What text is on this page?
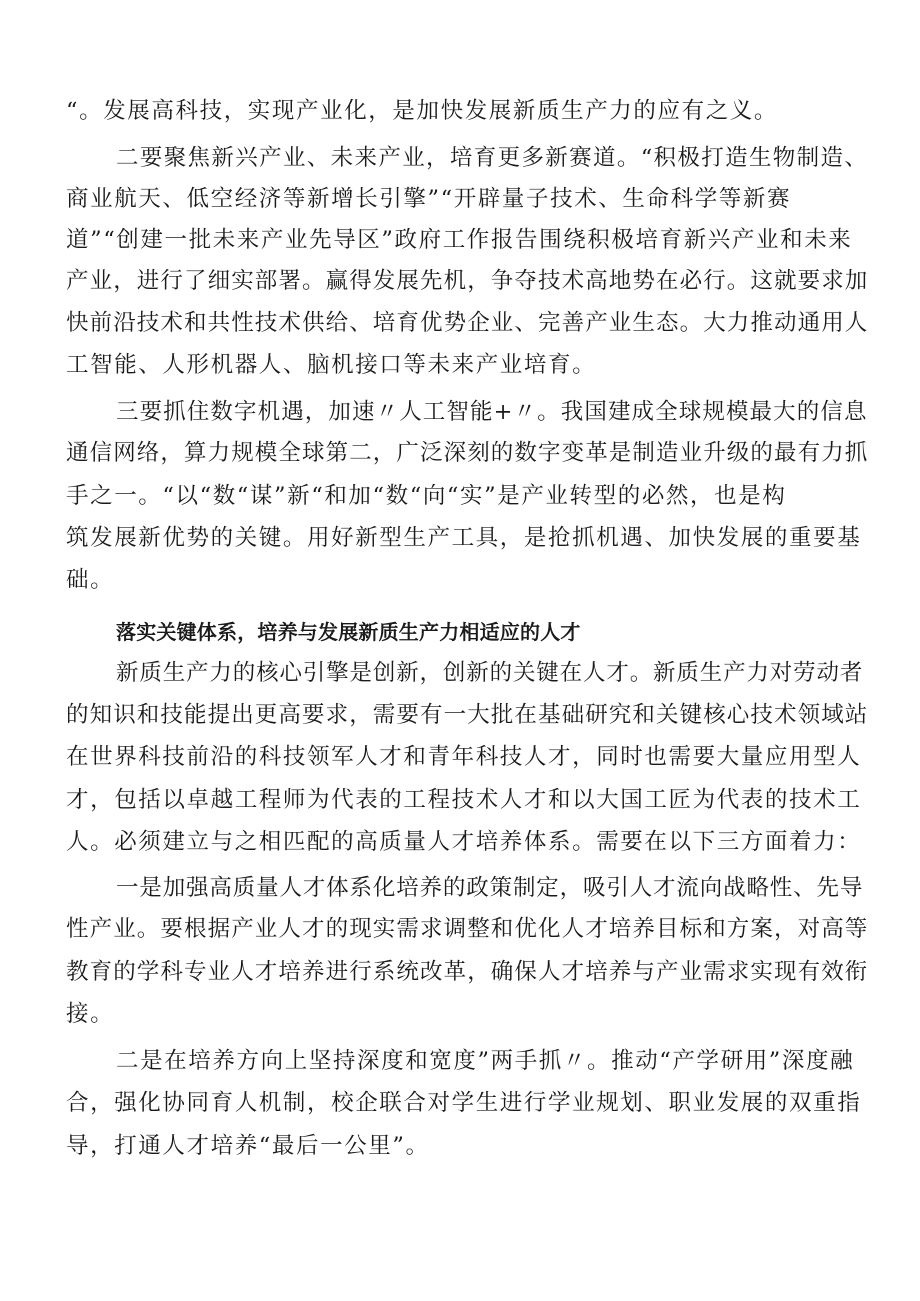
“。发展高科技，实现产业化，是加快发展新质生产力的应有之义。
二要聚焦新兴产业、未来产业，培育更多新赛道。“积极打造生物制造、
商业航天、低空经济等新增长引擎”“开辟量子技术、生命科学等新赛
道”“创建一批未来产业先导区”政府工作报告围绕积极培育新兴产业和未来
产业，进行了细实部署。赢得发展先机，争夺技术高地势在必行。这就要求加
快前沿技术和共性技术供给、培育优势企业、完善产业生态。大力推动通用人
工智能、人形机器人、脑机接口等未来产业培育。
三要抓住数字机遇，加速〃人工智能+〃。我国建成全球规模最大的信息
通信网络，算力规模全球第二，广泛深刻的数字变革是制造业升级的最有力抓
手之一。“以“数“谋”新“和加“数“向“实”是产业转型的必然，也是构
筑发展新优势的关键。用好新型生产工具，是抢抓机遇、加快发展的重要基
础。
落实关键体系，培养与发展新质生产力相适应的人才
新质生产力的核心引擎是创新，创新的关键在人才。新质生产力对劳动者
的知识和技能提出更高要求，需要有一大批在基础研究和关键核心技术领域站
在世界科技前沿的科技领军人才和青年科技人才，同时也需要大量应用型人
才，包括以卓越工程师为代表的工程技术人才和以大国工匠为代表的技术工
人。必须建立与之相匹配的高质量人才培养体系。需要在以下三方面着力：
一是加强高质量人才体系化培养的政策制定，吸引人才流向战略性、先导
性产业。要根据产业人才的现实需求调整和优化人才培养目标和方案，对高等
教育的学科专业人才培养进行系统改革，确保人才培养与产业需求实现有效衔
接。
二是在培养方向上坚持深度和宽度”两手抓〃。推动“产学研用”深度融
合，强化协同育人机制，校企联合对学生进行学业规划、职业发展的双重指
导，打通人才培养“最后一公里”。
